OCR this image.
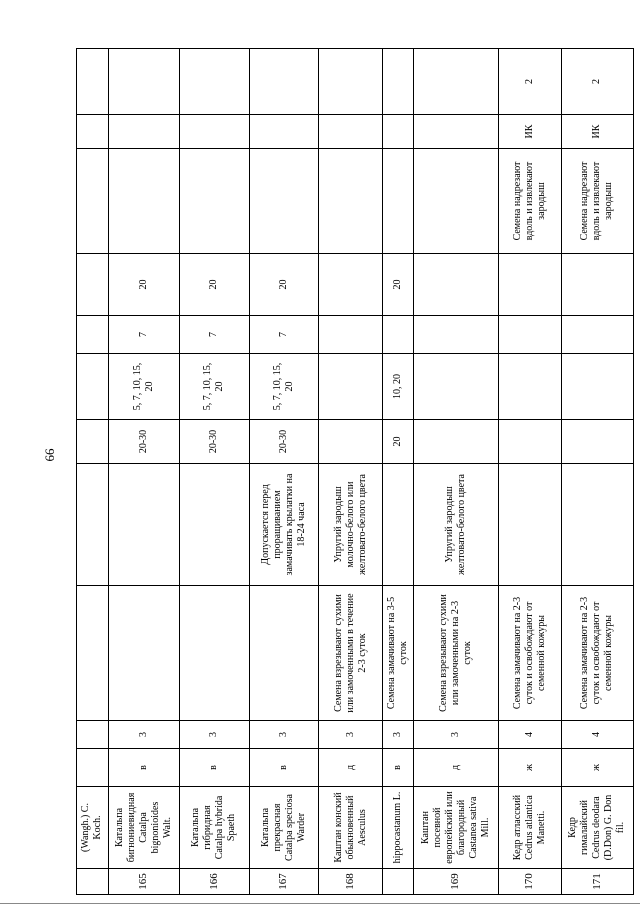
66

	(Wangh.) C. Koch.											

165	Катальпа бигнониевидная Catalpa bignonioides Walt.	в	3			20-30	5, 7, 10, 15, 20	7	20			
166	Катальпа гибридная Catalpa hybrida Spaeth	в	3			20-30	5, 7, 10, 15, 20	7	20			
167	Катальпа прекрасная Catalpa speciosa Warder	в	3		Допускается перед проращиванием замачивать крылатки на 18-24 часа	20-30	5, 7, 10, 15, 20	7	20			
168	Каштан конский обыкновенный Aesculus	д	3	Семена взрезывают сухими или замоченными в течение 2-3 суток	Упругий зародыш молочно-белого или желтовато-белого цвета							

	hippocastanum L.	в	3	Семена замачивают на 3-5 суток		20	10, 20		20			
169	Каштан посевной европейский или благородный Castanea sativa Mill.	д	3	Семена взрезывают сухими или замоченными на 2-3 суток	Упругий зародыш желтовато-белого цвета							
170	Кедр атласский Cedrus atlantica Manetti.	ж	4	Семена замачивают на 2-3 суток и освобождают от семенной кожуры						Семена надрезают вдоль и извлекают зародыш	ИК	2
171	Кедр гималайский Cedrus deodara (D.Don) G. Don fil.	ж	4	Семена замачивают на 2-3 суток и освобождают от семенной кожуры						Семена надрезают вдоль и извлекают зародыш	ИК	2
